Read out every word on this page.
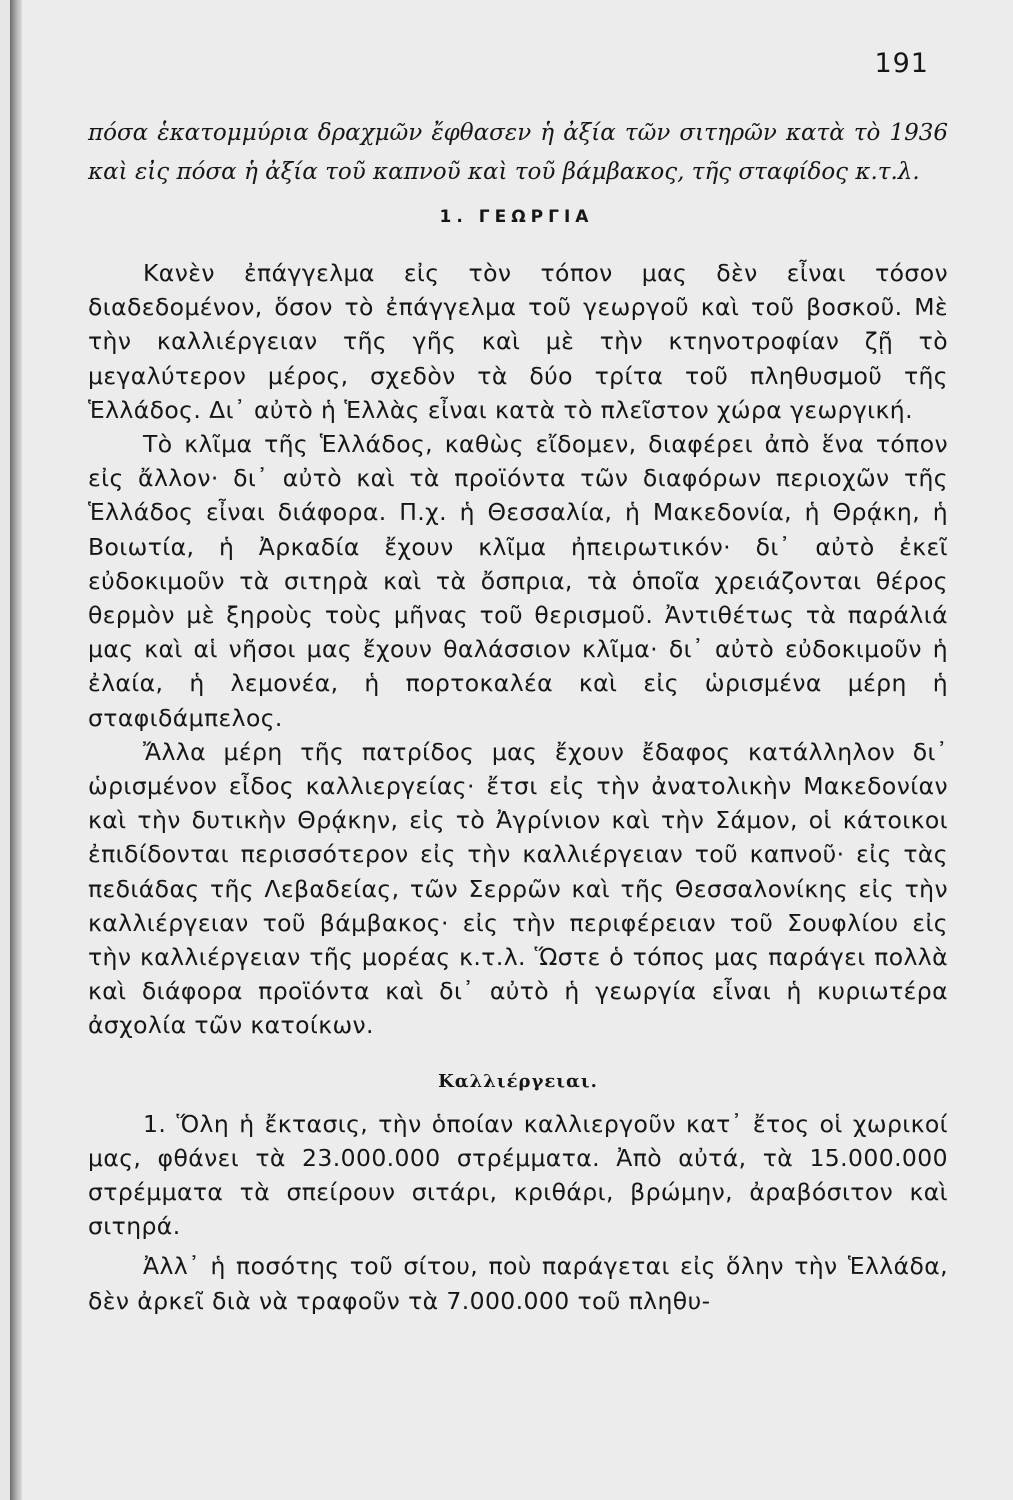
191

πόσα ἑκατομμύρια δραχμῶν ἔφθασεν ἡ ἀξία τῶν σιτηρῶν κατὰ τὸ 1936 καὶ εἰς πόσα ἡ ἀξία τοῦ καπνοῦ καὶ τοῦ βάμβακος, τῆς σταφίδος κ.τ.λ.

1. ΓΕΩΡΓΙΑ

Κανὲν ἐπάγγελμα εἰς τὸν τόπον μας δὲν εἶναι τόσον διαδεδομένον, ὅσον τὸ ἐπάγγελμα τοῦ γεωργοῦ καὶ τοῦ βοσκοῦ. Μὲ τὴν καλλιέργειαν τῆς γῆς καὶ μὲ τὴν κτηνοτροφίαν ζῇ τὸ μεγαλύτερον μέρος, σχεδὸν τὰ δύο τρίτα τοῦ πληθυσμοῦ τῆς Ἑλλάδος. Δι᾿ αὐτὸ ἡ Ἑλλὰς εἶναι κατὰ τὸ πλεῖστον χώρα γεωργική.

Τὸ κλῖμα τῆς Ἑλλάδος, καθὼς εἴδομεν, διαφέρει ἀπὸ ἕνα τόπον εἰς ἄλλον· δι᾿ αὐτὸ καὶ τὰ προϊόντα τῶν διαφόρων περιοχῶν τῆς Ἑλλάδος εἶναι διάφορα. Π.χ. ἡ Θεσσαλία, ἡ Μακεδονία, ἡ Θρᾴκη, ἡ Βοιωτία, ἡ Ἀρκαδία ἔχουν κλῖμα ἠπειρωτικόν· δι᾿ αὐτὸ ἐκεῖ εὐδοκιμοῦν τὰ σιτηρὰ καὶ τὰ ὄσπρια, τὰ ὁποῖα χρειάζονται θέρος θερμὸν μὲ ξηροὺς τοὺς μῆνας τοῦ θερισμοῦ. Ἀντιθέτως τὰ παράλιά μας καὶ αἱ νῆσοι μας ἔχουν θαλάσσιον κλῖμα· δι᾿ αὐτὸ εὐδοκιμοῦν ἡ ἐλαία, ἡ λεμονέα, ἡ πορτοκαλέα καὶ εἰς ὡρισμένα μέρη ἡ σταφιδάμπελος.

Ἄλλα μέρη τῆς πατρίδος μας ἔχουν ἔδαφος κατάλληλον δι᾿ ὡρισμένον εἶδος καλλιεργείας· ἔτσι εἰς τὴν ἀνατολικὴν Μακεδονίαν καὶ τὴν δυτικὴν Θρᾴκην, εἰς τὸ Ἀγρίνιον καὶ τὴν Σάμον, οἱ κάτοικοι ἐπιδίδονται περισσότερον εἰς τὴν καλλιέργειαν τοῦ καπνοῦ· εἰς τὰς πεδιάδας τῆς Λεβαδείας, τῶν Σερρῶν καὶ τῆς Θεσσαλονίκης εἰς τὴν καλλιέργειαν τοῦ βάμβακος· εἰς τὴν περιφέρειαν τοῦ Σουφλίου εἰς τὴν καλλιέργειαν τῆς μορέας κ.τ.λ. Ὥστε ὁ τόπος μας παράγει πολλὰ καὶ διάφορα προϊόντα καὶ δι᾿ αὐτὸ ἡ γεωργία εἶναι ἡ κυριωτέρα ἀσχολία τῶν κατοίκων.

Καλλιέργειαι.

1. Ὅλη ἡ ἔκτασις, τὴν ὁποίαν καλλιεργοῦν κατ᾿ ἔτος οἱ χωρικοί μας, φθάνει τὰ 23.000.000 στρέμματα. Ἀπὸ αὐτά, τὰ 15.000.000 στρέμματα τὰ σπείρουν σιτάρι, κριθάρι, βρώμην, ἀραβόσιτον καὶ σιτηρά.

Ἀλλ᾿ ἡ ποσότης τοῦ σίτου, ποὺ παράγεται εἰς ὅλην τὴν Ἑλλάδα, δὲν ἀρκεῖ διὰ νὰ τραφοῦν τὰ 7.000.000 τοῦ πληθυ-
